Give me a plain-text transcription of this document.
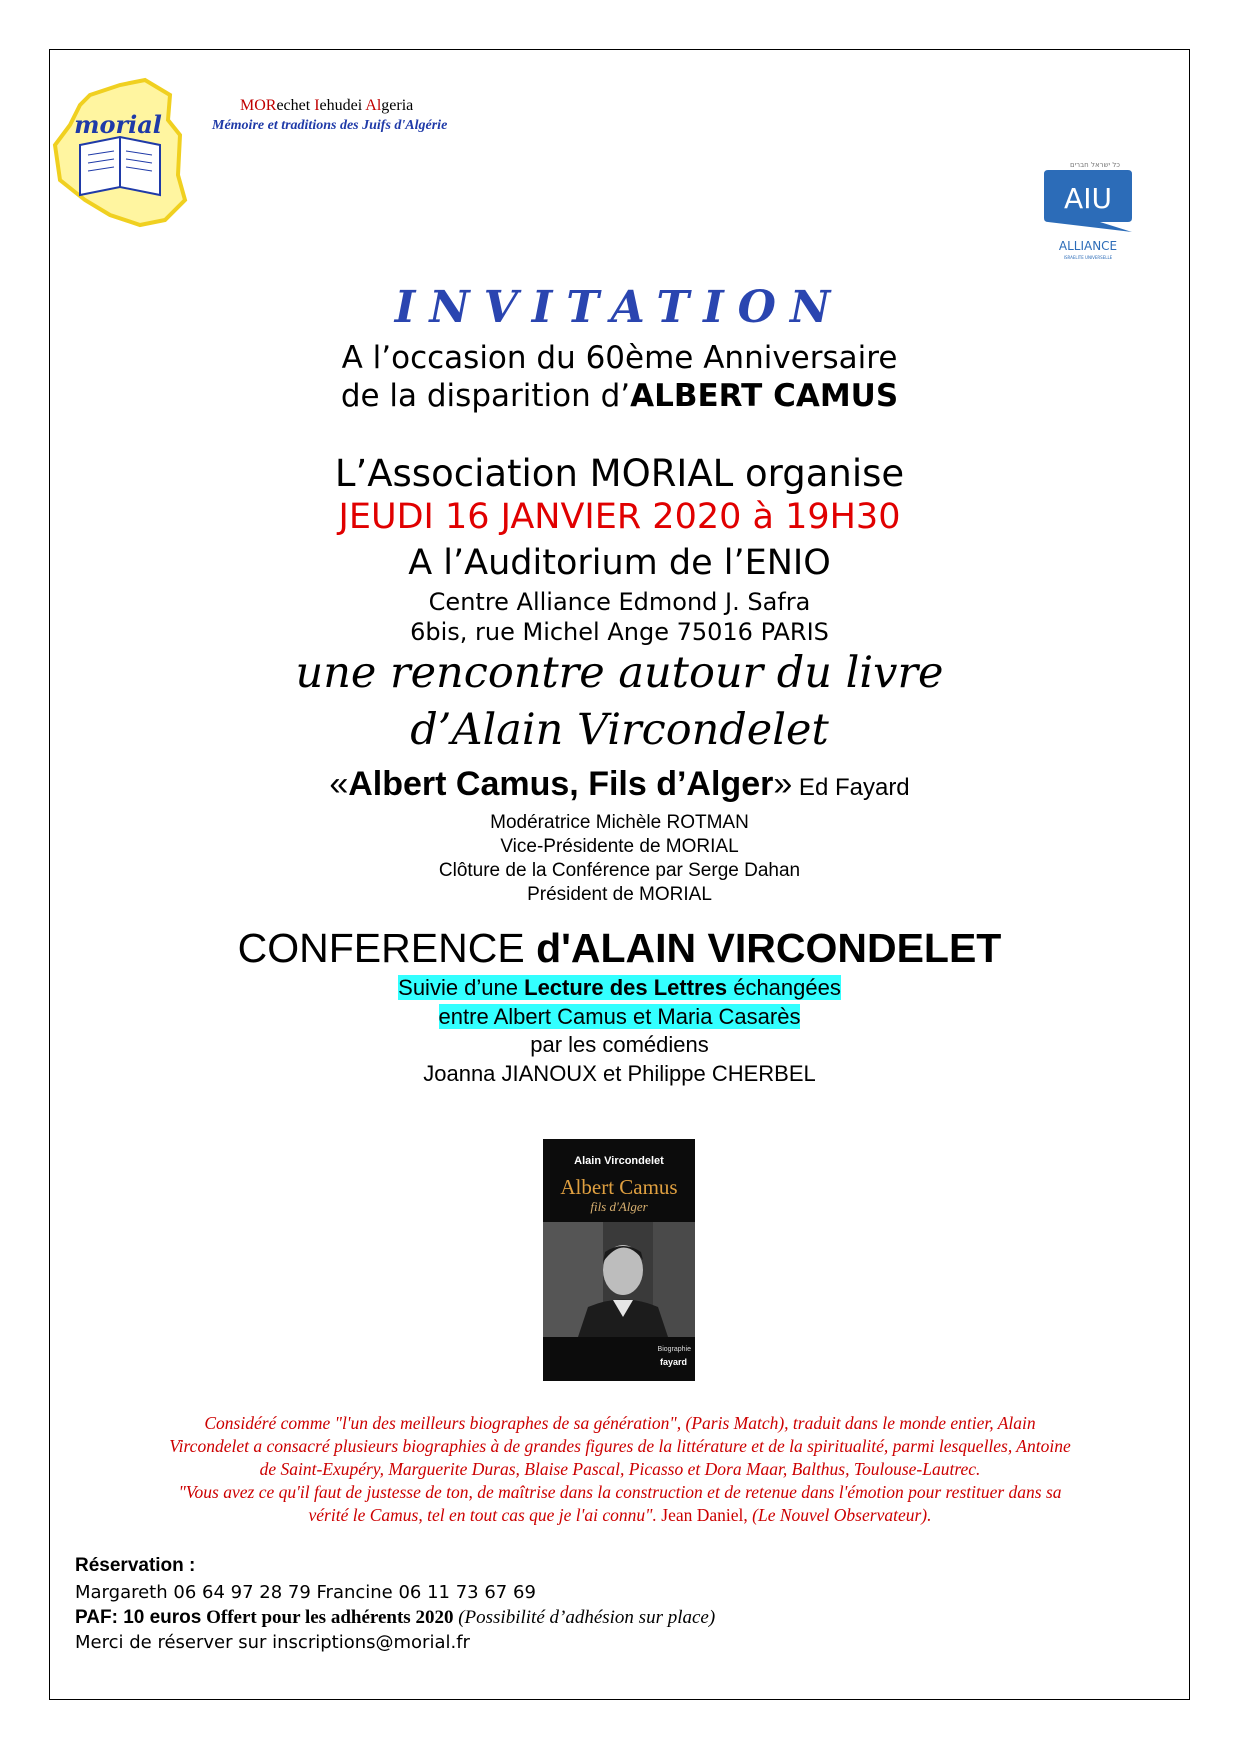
morial
MORechet Iehudei Algeria
Mémoire et traditions des Juifs d'Algérie
כל ישראל חברים
AIU
ALLIANCE
ISRAELITE UNIVERSELLE
INVITATION
A l’occasion du 60ème Anniversaire
de la disparition d’ALBERT CAMUS
L’Association MORIAL organise
JEUDI 16 JANVIER 2020 à 19H30
A l’Auditorium de l’ENIO
Centre Alliance Edmond J. Safra
6bis, rue Michel Ange 75016 PARIS
une rencontre autour du livre
d’Alain Vircondelet
«Albert Camus, Fils d’Alger» Ed Fayard
Modératrice Michèle ROTMAN
Vice-Présidente de MORIAL
Clôture de la Conférence par Serge Dahan
Président de MORIAL
CONFERENCE d'ALAIN VIRCONDELET
Suivie d’une Lecture des Lettres échangées
entre Albert Camus et Maria Casarès
par les comédiens
Joanna JIANOUX et Philippe CHERBEL
Alain Vircondelet
Albert Camus
fils d'Alger
Biographie
fayard
Considéré comme "l'un des meilleurs biographes de sa génération", (Paris Match), traduit dans le monde entier, Alain
Vircondelet a consacré plusieurs biographies à de grandes figures de la littérature et de la spiritualité, parmi lesquelles, Antoine
de Saint-Exupéry, Marguerite Duras, Blaise Pascal, Picasso et Dora Maar, Balthus, Toulouse-Lautrec.
"Vous avez ce qu'il faut de justesse de ton, de maîtrise dans la construction et de retenue dans l'émotion pour restituer dans sa
vérité le Camus, tel en tout cas que je l'ai connu". Jean Daniel, (Le Nouvel Observateur).
Réservation :
Margareth 06 64 97 28 79 Francine 06 11 73 67 69
PAF: 10 euros Offert pour les adhérents 2020 (Possibilité d’adhésion sur place)
Merci de réserver sur inscriptions@morial.fr
